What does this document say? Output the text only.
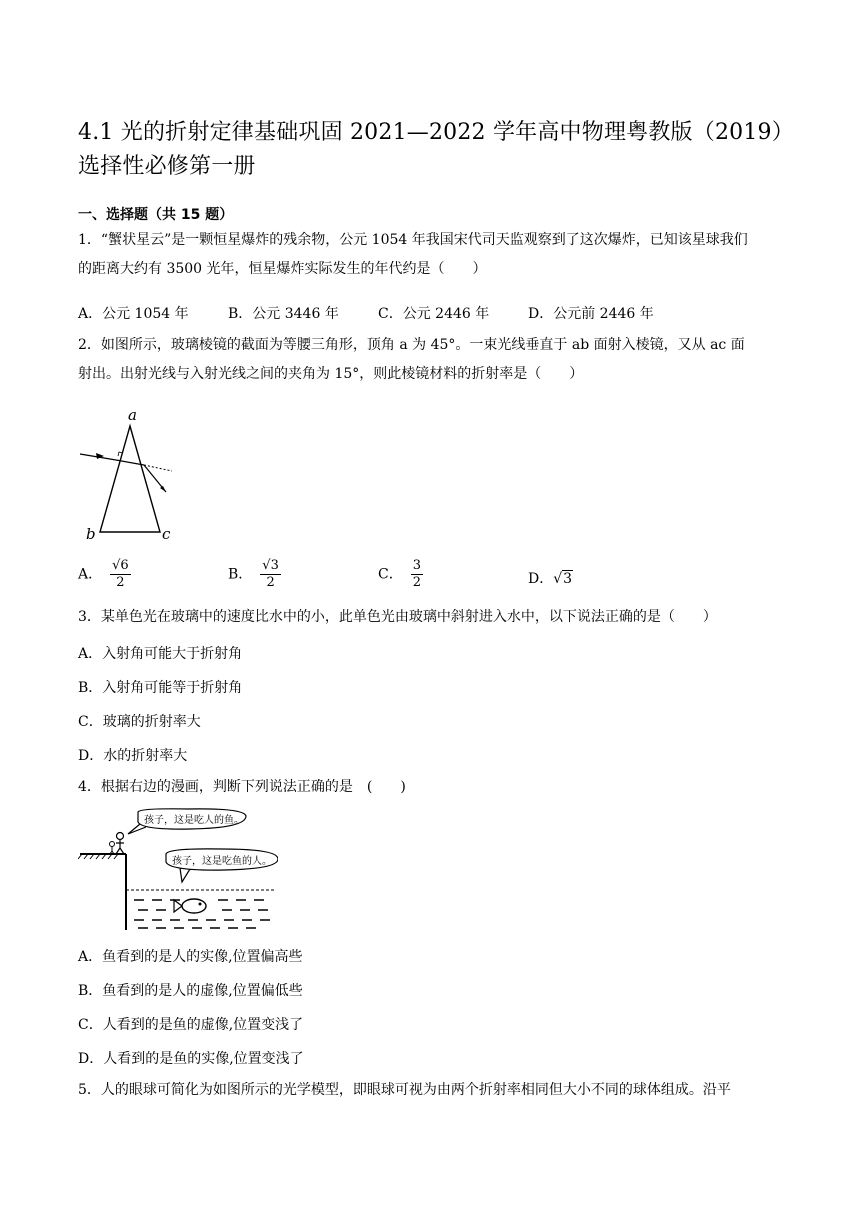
4.1 光的折射定律基础巩固 2021—2022 学年高中物理粤教版（2019）
选择性必修第一册
一、选择题（共 15 题）
1．“蟹状星云”是一颗恒星爆炸的残余物，公元 1054 年我国宋代司天监观察到了这次爆炸，已知该星球我们
的距离大约有 3500 光年，恒星爆炸实际发生的年代约是（　　）
A．公元 1054 年	B．公元 3446 年	C．公元 2446 年	D．公元前 2446 年
2．如图所示，玻璃棱镜的截面为等腰三角形，顶角 a 为 45°。一束光线垂直于 ab 面射入棱镜，又从 ac 面
射出。出射光线与入射光线之间的夹角为 15°，则此棱镜材料的折射率是（　　）
a
b	c
A． $\frac{√6}{2}$	B． $\frac{√3}{2}$	C． $\frac{3}{2}$	D．√3
3．某单色光在玻璃中的速度比水中的小，此单色光由玻璃中斜射进入水中，以下说法正确的是（　　）
A．入射角可能大于折射角
B．入射角可能等于折射角
C．玻璃的折射率大
D．水的折射率大
4．根据右边的漫画，判断下列说法正确的是　(　　)
孩子，这是吃人的鱼。
孩子，这是吃鱼的人。
A．鱼看到的是人的实像,位置偏高些
B．鱼看到的是人的虚像,位置偏低些
C．人看到的是鱼的虚像,位置变浅了
D．人看到的是鱼的实像,位置变浅了
5．人的眼球可简化为如图所示的光学模型，即眼球可视为由两个折射率相同但大小不同的球体组成。沿平
